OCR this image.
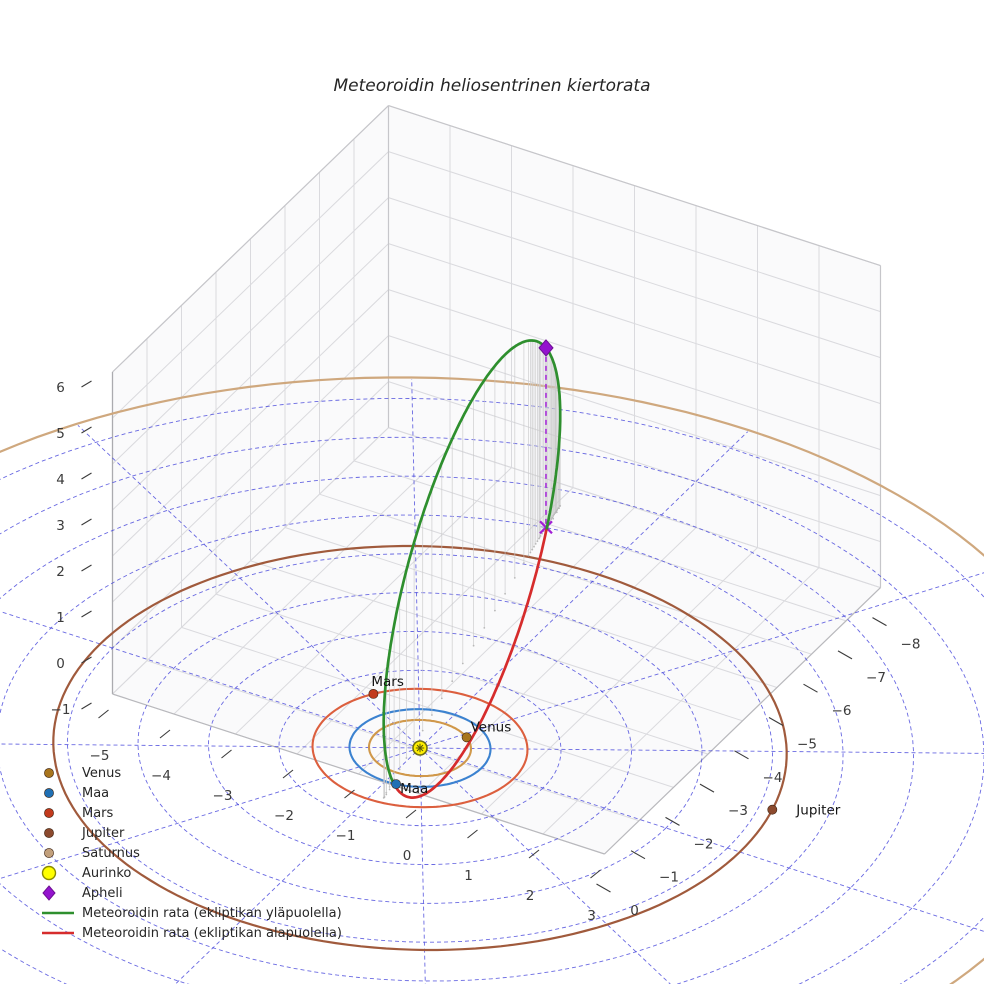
Venus
Maa
Mars
Jupiter
−5
−4
−3
−2
−1
0
1
2
3
−8
−7
−6
−5
−4
−3
−2
−1
0
−1
0
1
2
3
4
5
6
Meteoroidin heliosentrinen kiertorata
Venus
Maa
Mars
Jupiter
Saturnus
Aurinko
Apheli
Meteoroidin rata (ekliptikan yläpuolella)
Meteoroidin rata (ekliptikan alapuolella)
